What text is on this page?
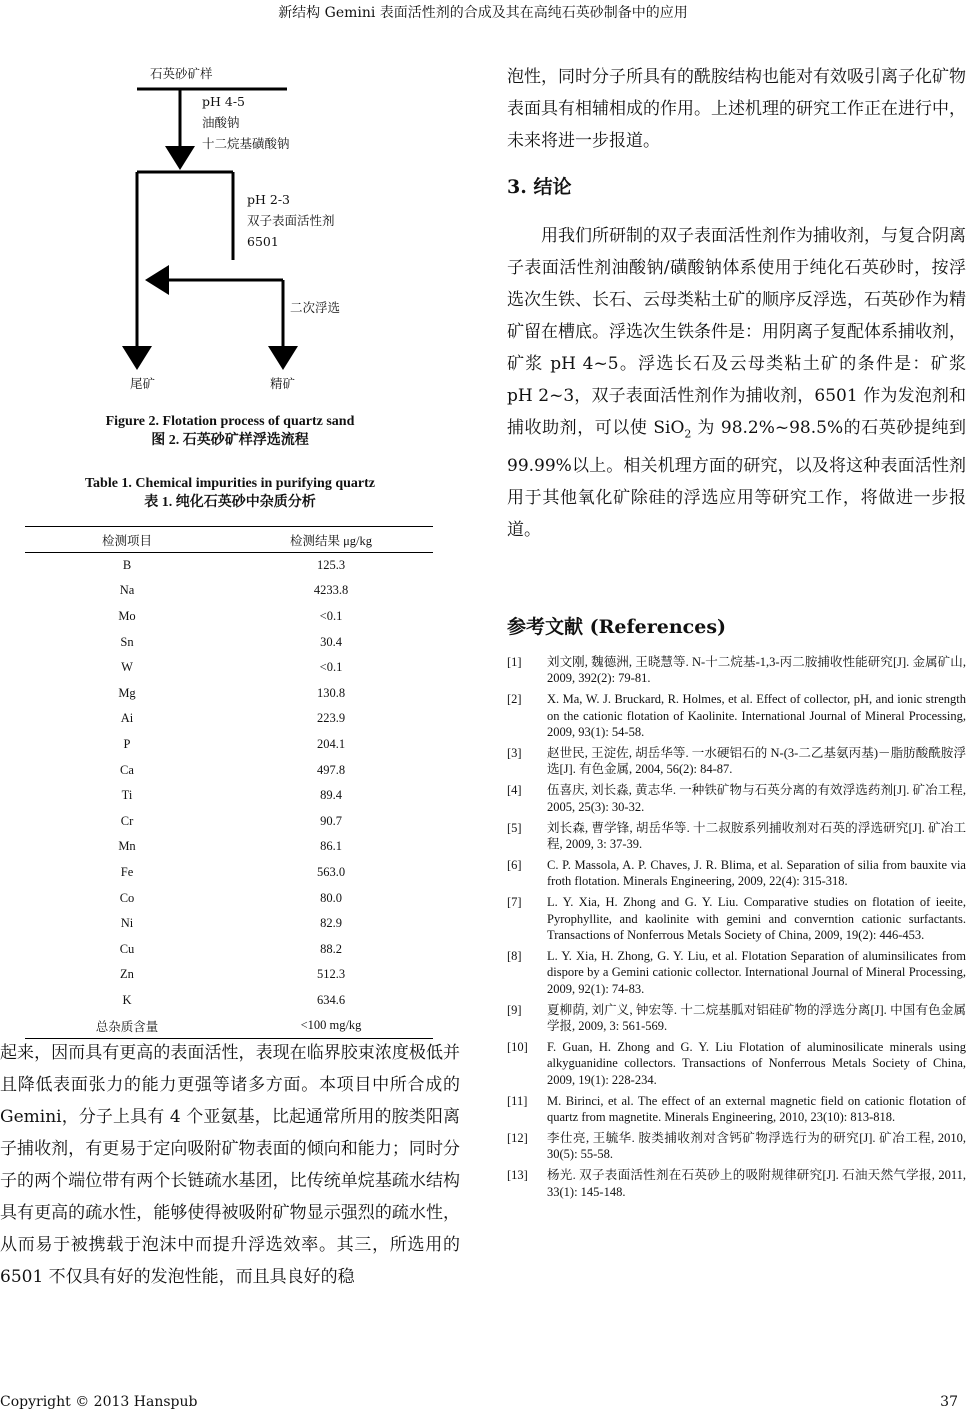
新结构 Gemini 表面活性剂的合成及其在高纯石英砂制备中的应用
石英砂矿样
pH 4-5
油酸钠
十二烷基磺酸钠
pH 2-3
双子表面活性剂
6501
二次浮选
尾矿	精矿
Figure 2. Flotation process of quartz sand
图 2. 石英砂矿样浮选流程
Table 1. Chemical impurities in purifying quartz
表 1. 纯化石英砂中杂质分析
检测项目	检测结果 μg/kg
B	125.3
Na	4233.8
Mo	<0.1
Sn	30.4
W	<0.1
Mg	130.8
Ai	223.9
P	204.1
Ca	497.8
Ti	89.4
Cr	90.7
Mn	86.1
Fe	563.0
Co	80.0
Ni	82.9
Cu	88.2
Zn	512.3
K	634.6
总杂质含量	<100 mg/kg
起来，因而具有更高的表面活性，表现在临界胶束浓度极低并且降低表面张力的能力更强等诸多方面。本项目中所合成的 Gemini，分子上具有 4 个亚氨基，比起通常所用的胺类阳离子捕收剂，有更易于定向吸附矿物表面的倾向和能力；同时分子的两个端位带有两个长链疏水基团，比传统单烷基疏水结构具有更高的疏水性，能够使得被吸附矿物显示强烈的疏水性，从而易于被携载于泡沫中而提升浮选效率。其三，所选用的 6501 不仅具有好的发泡性能，而且具良好的稳
泡性，同时分子所具有的酰胺结构也能对有效吸引离子化矿物表面具有相辅相成的作用。上述机理的研究工作正在进行中，未来将进一步报道。
3. 结论
用我们所研制的双子表面活性剂作为捕收剂，与复合阴离子表面活性剂油酸钠/磺酸钠体系使用于纯化石英砂时，按浮选次生铁、长石、云母类粘土矿的顺序反浮选，石英砂作为精矿留在槽底。浮选次生铁条件是：用阴离子复配体系捕收剂，矿浆 pH 4~5。浮选长石及云母类粘土矿的条件是：矿浆 pH 2~3，双子表面活性剂作为捕收剂，6501 作为发泡剂和捕收助剂，可以使 SiO$_2$ 为 98.2%~98.5%的石英砂提纯到 99.99%以上。相关机理方面的研究，以及将这种表面活性剂用于其他氧化矿除硅的浮选应用等研究工作，将做进一步报道。
参考文献 (References)
[1]	刘文刚, 魏德洲, 王晓慧等. N-十二烷基-1,3-丙二胺捕收性能研究[J]. 金属矿山, 2009, 392(2): 79-81.
[2]	X. Ma, W. J. Bruckard, R. Holmes, et al. Effect of collector, pH, and ionic strength on the cationic flotation of Kaolinite. International Journal of Mineral Processing, 2009, 93(1): 54-58.
[3]	赵世民, 王淀佐, 胡岳华等. 一水硬铝石的 N-(3-二乙基氨丙基)－脂肪酸酰胺浮选[J]. 有色金属, 2004, 56(2): 84-87.
[4]	伍喜庆, 刘长淼, 黄志华. 一种铁矿物与石英分离的有效浮选药剂[J]. 矿冶工程, 2005, 25(3): 30-32.
[5]	刘长森, 曹学锋, 胡岳华等. 十二叔胺系列捕收剂对石英的浮选研究[J]. 矿冶工程, 2009, 3: 37-39.
[6]	C. P. Massola, A. P. Chaves, J. R. Blima, et al. Separation of silia from bauxite via froth flotation. Minerals Engineering, 2009, 22(4): 315-318.
[7]	L. Y. Xia, H. Zhong and G. Y. Liu. Comparative studies on flotation of ieeite, Pyrophyllite, and kaolinite with gemini and converntion cationic surfactants. Transactions of Nonferrous Metals Society of China, 2009, 19(2): 446-453.
[8]	L. Y. Xia, H. Zhong, G. Y. Liu, et al. Flotation Separation of aluminsilicates from dispore by a Gemini cationic collector. International Journal of Mineral Processing, 2009, 92(1): 74-83.
[9]	夏柳荫, 刘广义, 钟宏等. 十二烷基胍对铝硅矿物的浮选分离[J]. 中国有色金属学报, 2009, 3: 561-569.
[10]	F. Guan, H. Zhong and G. Y. Liu Flotation of aluminosilicate minerals using alkyguanidine collectors. Transactions of Nonferrous Metals Society of China, 2009, 19(1): 228-234.
[11]	M. Birinci, et al. The effect of an external magnetic field on cationic flotation of quartz from magnetite. Minerals Engineering, 2010, 23(10): 813-818.
[12]	李仕亮, 王毓华. 胺类捕收剂对含钙矿物浮选行为的研究[J]. 矿冶工程, 2010, 30(5): 55-58.
[13]	杨光. 双子表面活性剂在石英砂上的吸附规律研究[J]. 石油天然气学报, 2011, 33(1): 145-148.
Copyright © 2013 Hanspub	37
